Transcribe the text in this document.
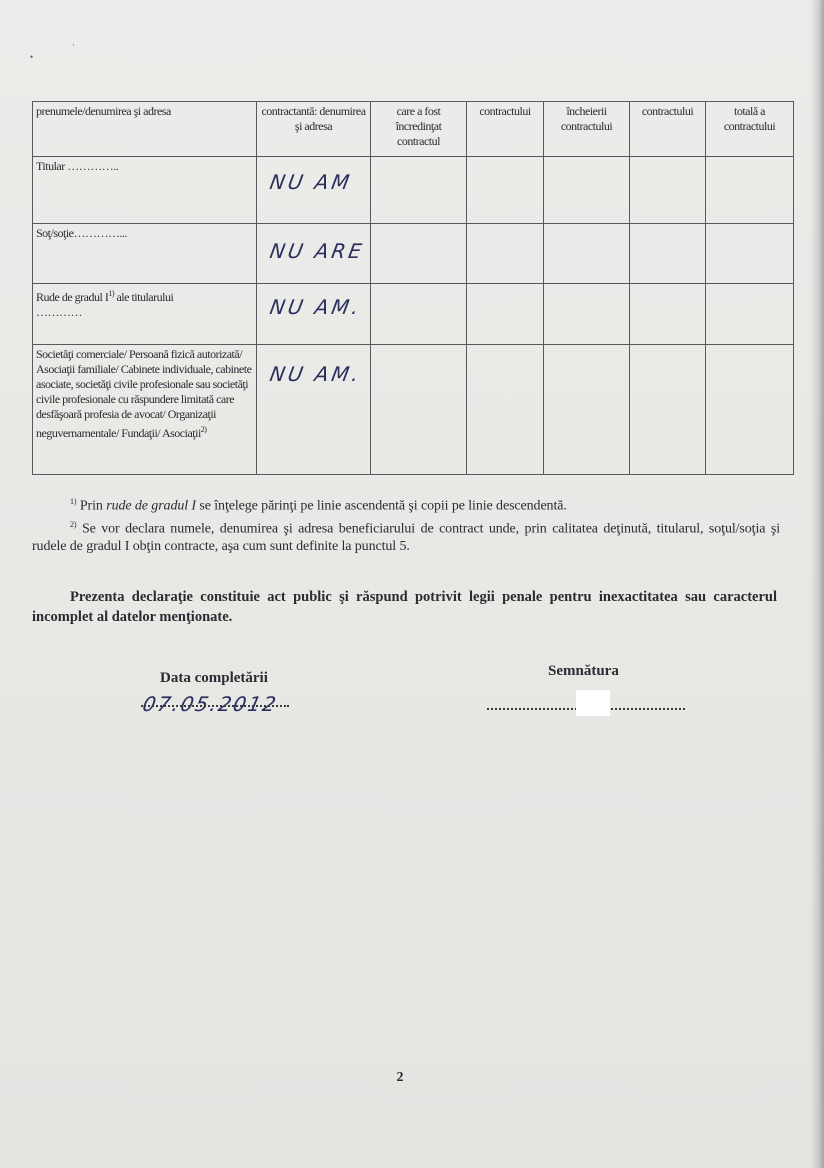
•
·
prenumele/denumirea şi adresa	contractantă: denumirea şi adresa	care a fost încredinţat contractul	contractului	încheierii contractului	contractului	totală a contractului
Titular …………..	NU AM					

Soţ/soţie…………...	NU ARE					

Rude de gradul $I^{1)}$ ale titularului
…………	NU AM.					

Societăţi comerciale/ Persoană fizică autorizată/ Asociaţii familiale/ Cabinete individuale, cabinete asociate, societăţi civile profesionale sau societăţi civile profesionale cu răspundere limitată care desfăşoară profesia de avocat/ Organizaţii neguvernamentale/ Fundaţii/ Asociaţii$^{2)}$	NU AM.					

$^{1)}$ Prin rude de gradul I se înţelege părinţi pe linie ascendentă şi copii pe linie descendentă.

$^{2)}$ Se vor declara numele, denumirea şi adresa beneficiarului de contract unde, prin calitatea deţinută, titularul, soţul/soţia şi rudele de gradul I obţin contracte, aşa cum sunt definite la punctul 5.

Prezenta declaraţie constituie act public şi răspund potrivit legii penale pentru inexactitatea sau caracterul incomplet al datelor menţionate.
Data completării
07.05.2012
Semnătura
2
